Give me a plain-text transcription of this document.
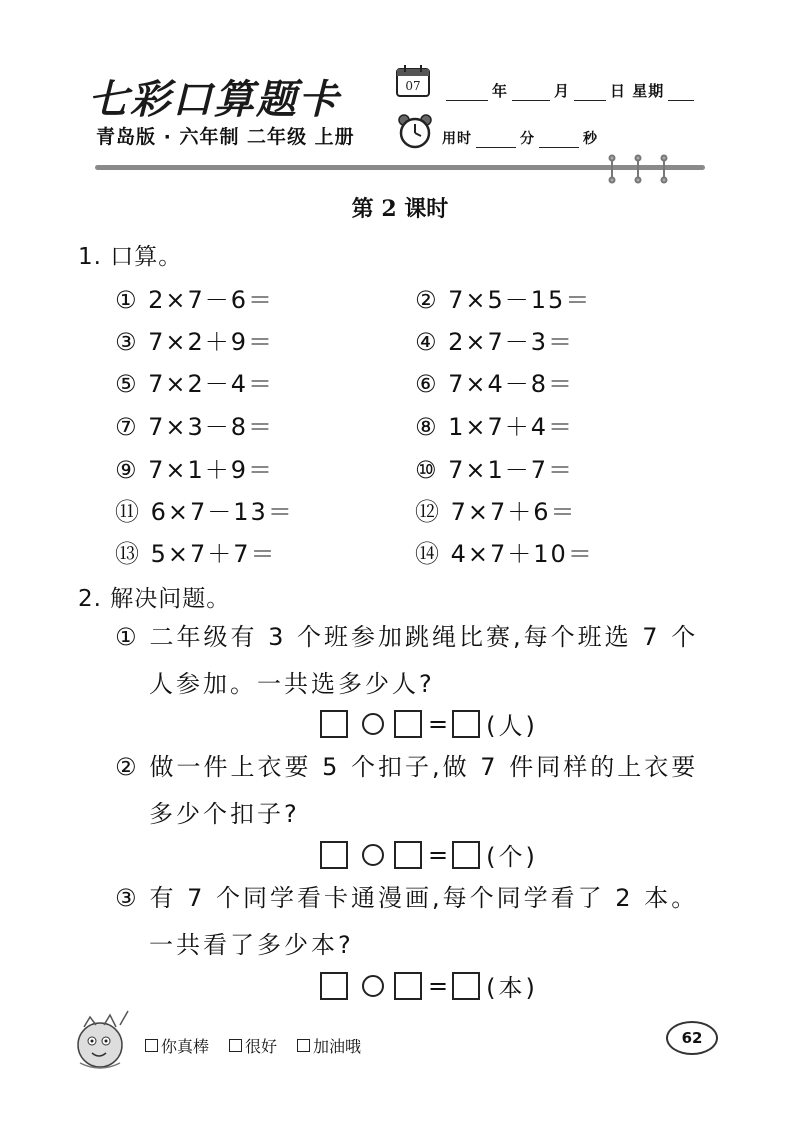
七彩口算题卡
青岛版 · 六年制 二年级 上册
07	年	月	日 星期
用时	分	秒
第 2 课时
1. 口算。
① 2×7－6＝	② 7×5－15＝
③ 7×2＋9＝	④ 2×7－3＝
⑤ 7×2－4＝	⑥ 7×4－8＝
⑦ 7×3－8＝	⑧ 1×7＋4＝
⑨ 7×1＋9＝	⑩ 7×1－7＝
⑪ 6×7－13＝	⑫ 7×7＋6＝
⑬ 5×7＋7＝	⑭ 4×7＋10＝
2. 解决问题。
① 二年级有 3 个班参加跳绳比赛,每个班选 7 个
人参加。一共选多少人?
= (人)
② 做一件上衣要 5 个扣子,做 7 件同样的上衣要
多少个扣子?
= (个)
③ 有 7 个同学看卡通漫画,每个同学看了 2 本。
一共看了多少本?
= (本)
你真棒 很好 加油哦	62
